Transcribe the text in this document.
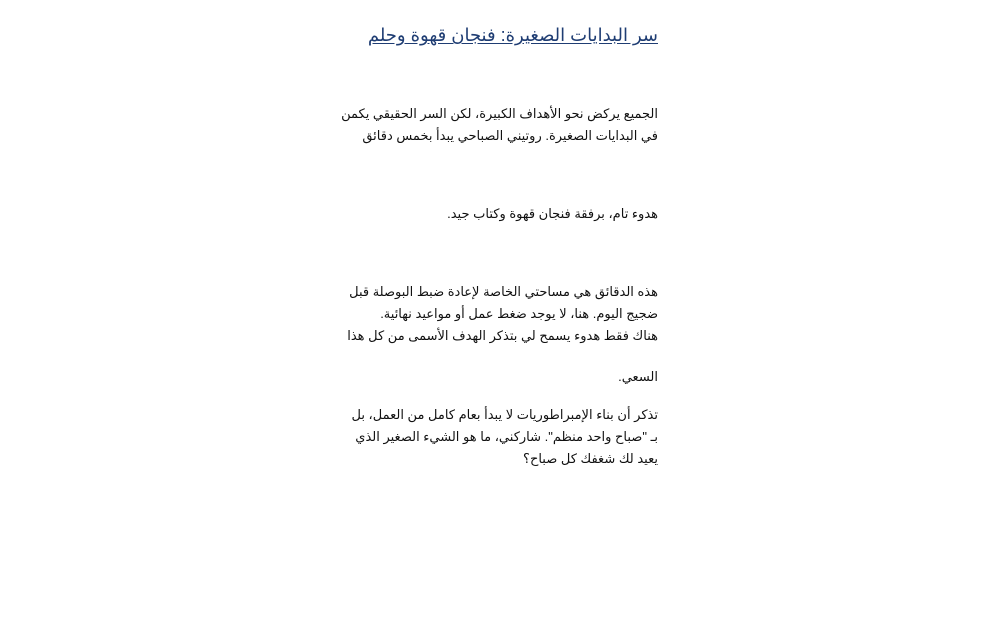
سر البدايات الصغيرة: فنجان قهوة وحلم

الجميع يركض نحو الأهداف الكبيرة، لكن السر الحقيقي يكمن
في البدايات الصغيرة. روتيني الصباحي يبدأ بخمس دقائق

هدوء تام، برفقة فنجان قهوة وكتاب جيد.

هذه الدقائق هي مساحتي الخاصة لإعادة ضبط البوصلة قبل
ضجيج اليوم. هنا، لا يوجد ضغط عمل أو مواعيد نهائية.
هناك فقط هدوء يسمح لي بتذكر الهدف الأسمى من كل هذا

السعي.

تذكر أن بناء الإمبراطوريات لا يبدأ بعام كامل من العمل، بل
بـ "صباح واحد منظم". شاركني، ما هو الشيء الصغير الذي
يعيد لك شغفك كل صباح؟
